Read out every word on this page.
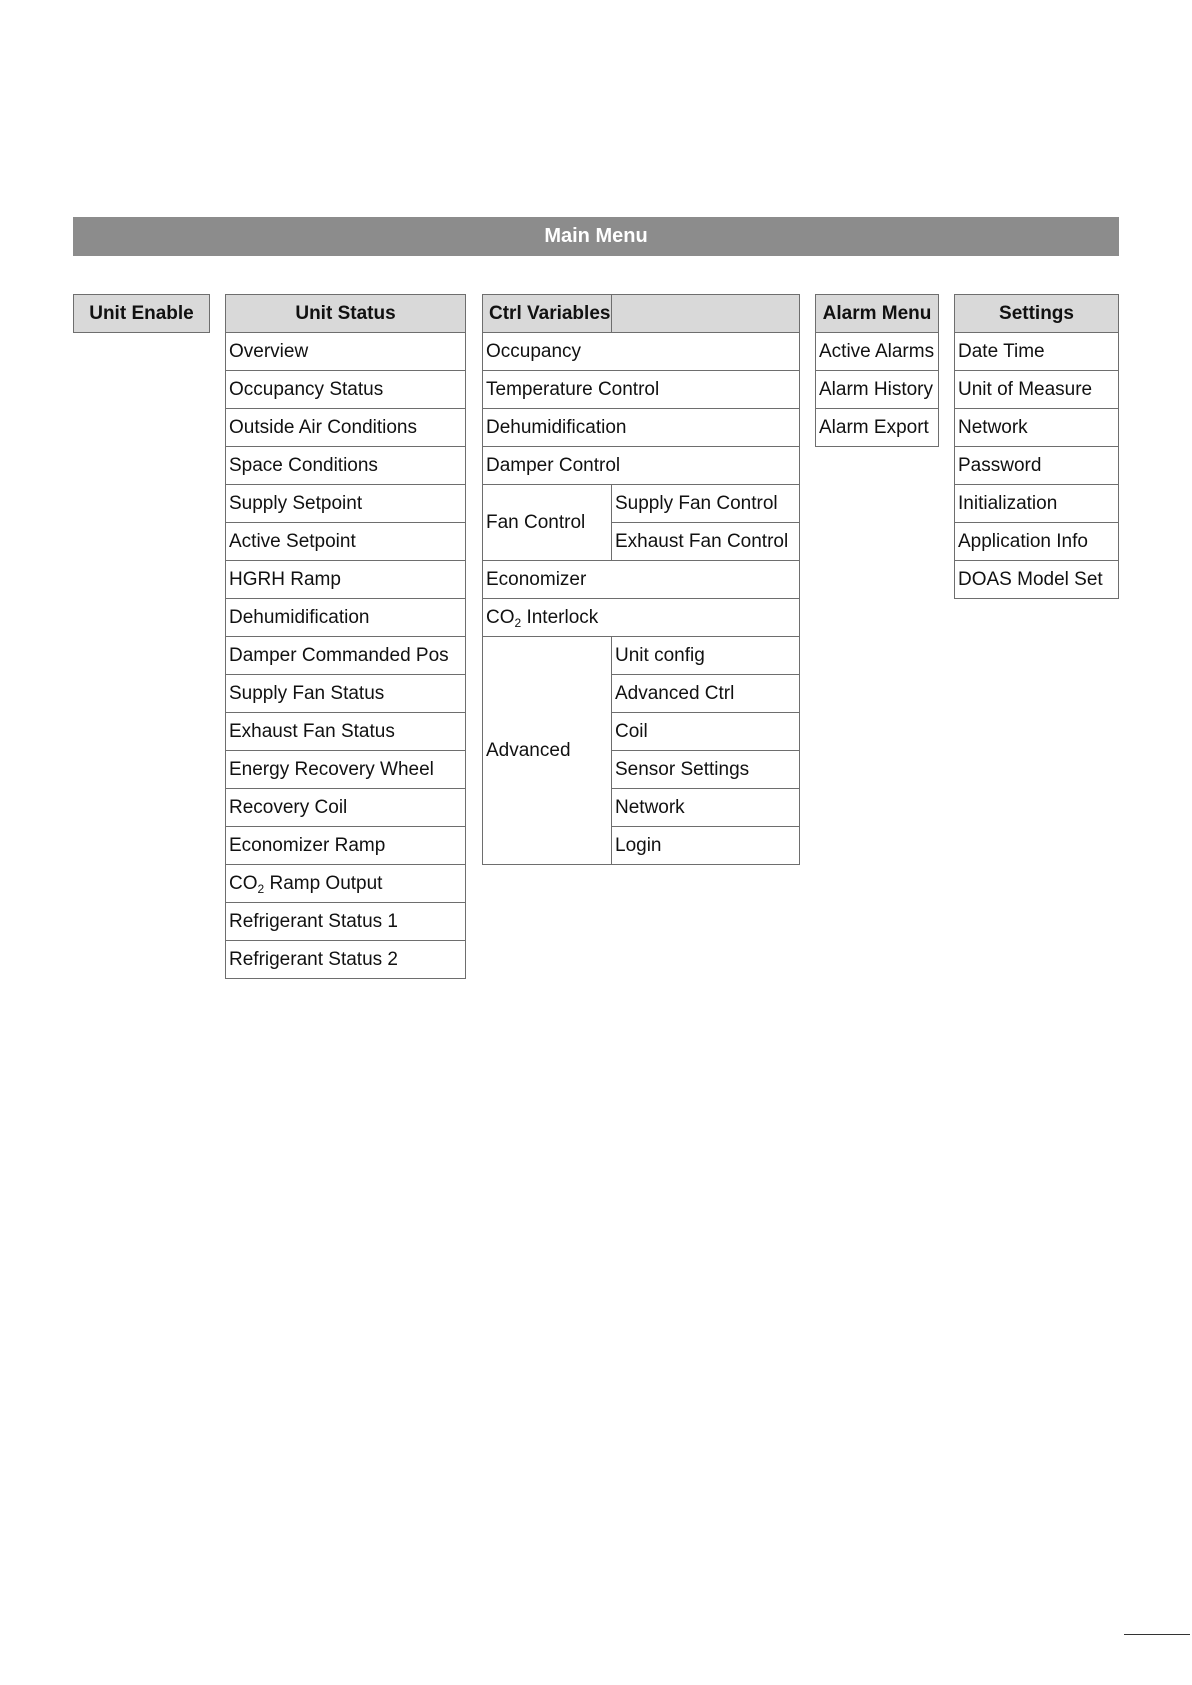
Main Menu
Unit Enable	Unit Status
Overview
Occupancy Status
Outside Air Conditions
Space Conditions
Supply Setpoint
Active Setpoint
HGRH Ramp
Dehumidification
Damper Commanded Pos
Supply Fan Status
Exhaust Fan Status
Energy Recovery Wheel
Recovery Coil
Economizer Ramp
$CO_2$ Ramp Output
Refrigerant Status 1
Refrigerant Status 2
Ctrl Variables
Occupancy
Temperature Control
Dehumidification
Damper Control
Fan Control
Supply Fan Control
Exhaust Fan Control
Economizer
$CO_2$ Interlock
Advanced
Unit config
Advanced Ctrl
Coil
Sensor Settings
Network
Login
Alarm Menu
Active Alarms
Alarm History
Alarm Export
Settings
Date Time
Unit of Measure
Network
Password
Initialization
Application Info
DOAS Model Set
